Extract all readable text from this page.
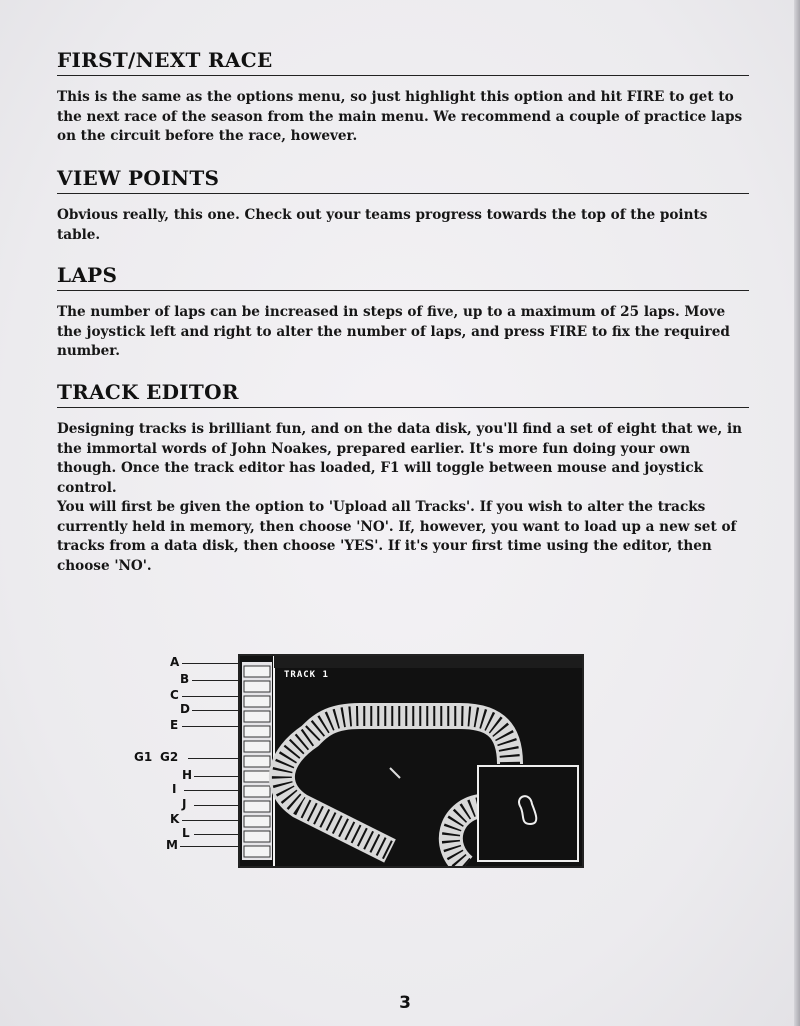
FIRST/NEXT RACE

This is the same as the options menu, so just highlight this option and hit FIRE to get to the next race of the season from the main menu. We recommend a couple of practice laps on the circuit before the race, however.

VIEW POINTS

Obvious really, this one. Check out your teams progress towards the top of the points table.

LAPS

The number of laps can be increased in steps of five, up to a maximum of 25 laps. Move the joystick left and right to alter the number of laps, and press FIRE to fix the required number.

TRACK EDITOR

Designing tracks is brilliant fun, and on the data disk, you'll find a set of eight that we, in the immortal words of John Noakes, prepared earlier. It's more fun doing your own though. Once the track editor has loaded, F1 will toggle between mouse and joystick control.

You will first be given the option to 'Upload all Tracks'. If you wish to alter the tracks currently held in memory, then choose 'NO'. If, however, you want to load up a new set of tracks from a data disk, then choose 'YES'. If it's your first time using the editor, then choose 'NO'.

A
B
C
D
E
G1 G2
H
I
J
K
L
M
TRACK 1
3
